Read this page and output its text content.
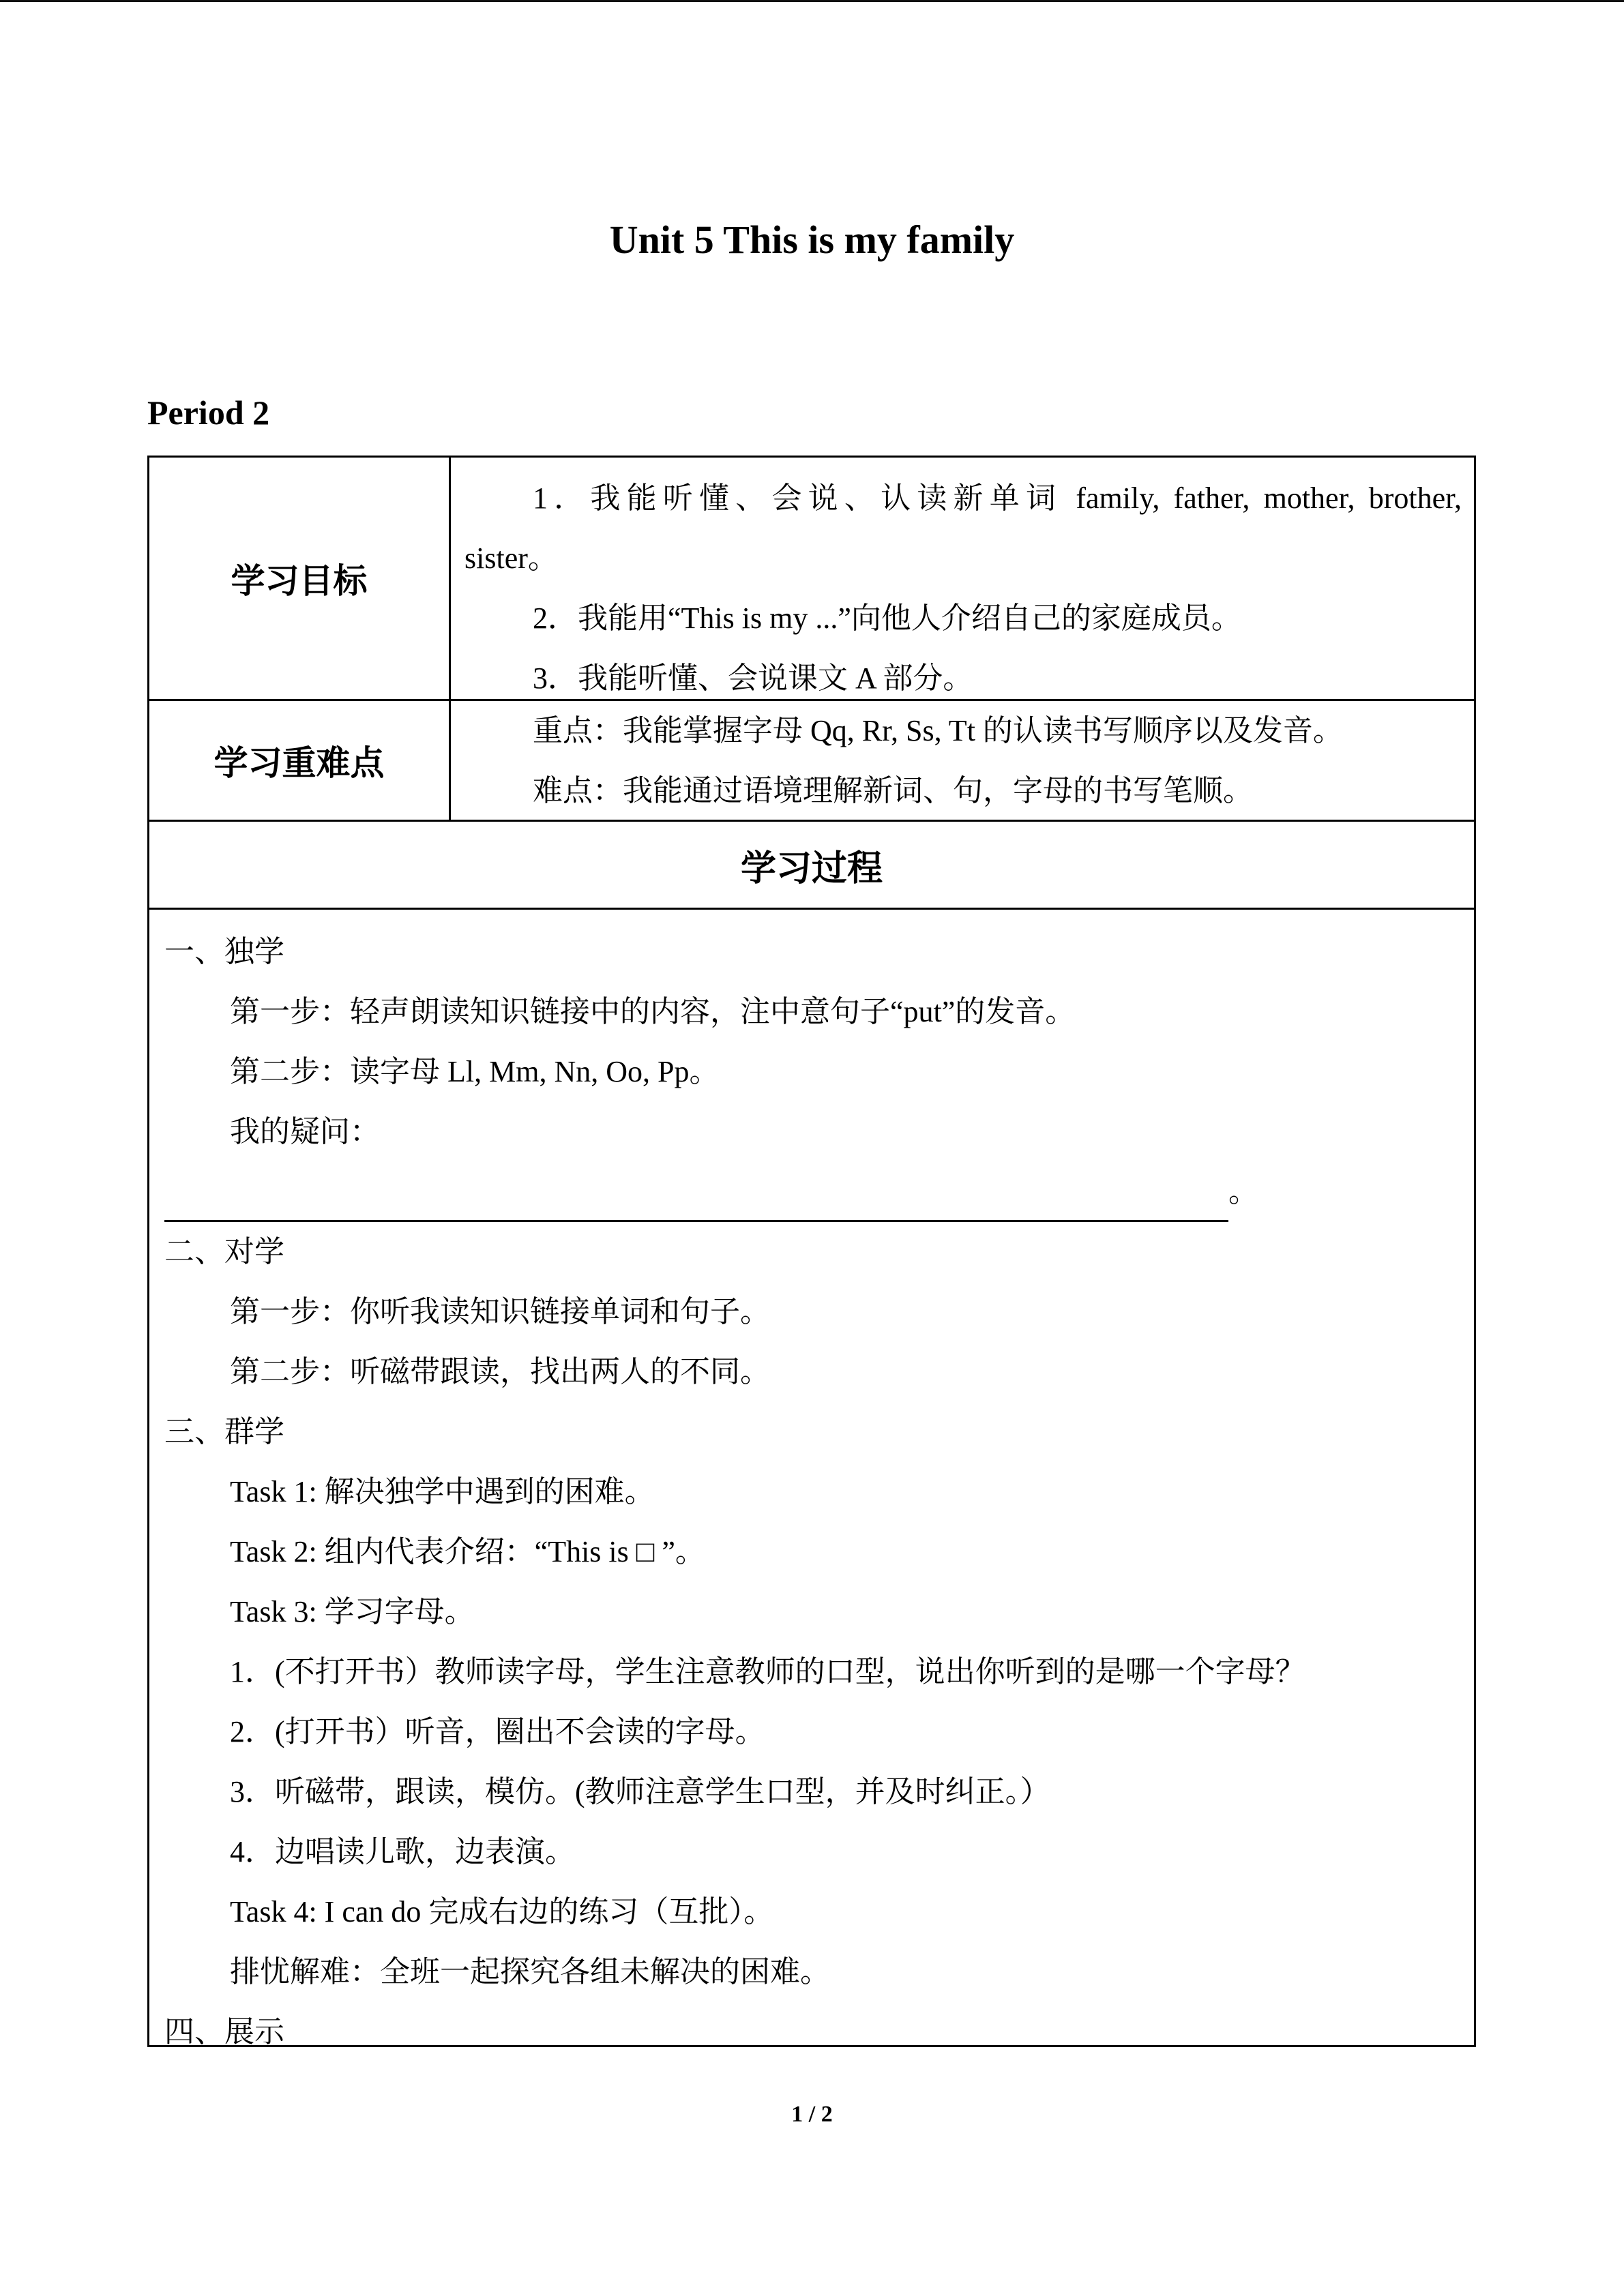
Unit 5 This is my family
Period 2
学习目标
1．我能听懂、会说、认读新单词 family, father, mother, brother,
sister。
2．我能用“This is my ...”向他人介绍自己的家庭成员。
3．我能听懂、会说课文 A 部分。
学习重难点
重点：我能掌握字母 Qq, Rr, Ss, Tt 的认读书写顺序以及发音。
难点：我能通过语境理解新词、句，字母的书写笔顺。
学习过程
一、独学
第一步：轻声朗读知识链接中的内容，注中意句子“put”的发音。
第二步：读字母 Ll, Mm, Nn, Oo, Pp。
我的疑问：
。
二、对学
第一步：你听我读知识链接单词和句子。
第二步：听磁带跟读，找出两人的不同。
三、群学
Task 1: 解决独学中遇到的困难。
Task 2: 组内代表介绍：“This is □ ”。
Task 3: 学习字母。
1．(不打开书）教师读字母，学生注意教师的口型，说出你听到的是哪一个字母？
2．(打开书）听音，圈出不会读的字母。
3．听磁带，跟读，模仿。(教师注意学生口型，并及时纠正。）
4．边唱读儿歌，边表演。
Task 4: I can do 完成右边的练习（互批）。
排忧解难：全班一起探究各组未解决的困难。
四、展示
1 / 2
